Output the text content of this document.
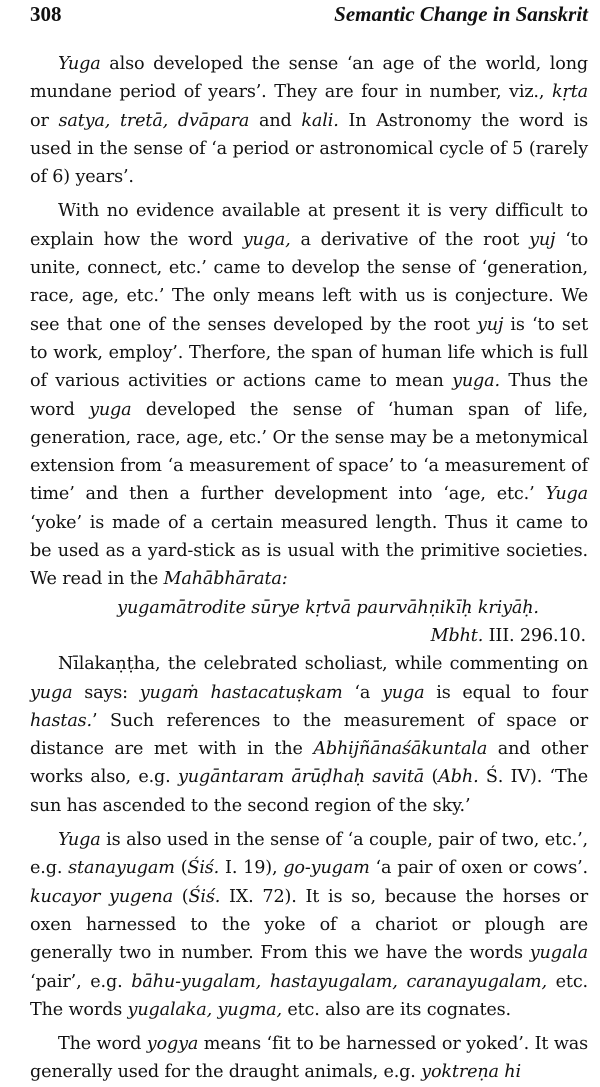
308	Semantic Change in Sanskrit

Yuga also developed the sense ‘an age of the world, long mundane period of years’. They are four in number, viz., kṛta or satya, tretā, dvāpara and kali. In Astronomy the word is used in the sense of ‘a period or astronomical cycle of 5 (rarely of 6) years’.

With no evidence available at present it is very difficult to explain how the word yuga, a derivative of the root yuj ‘to unite, connect, etc.’ came to develop the sense of ‘generation, race, age, etc.’ The only means left with us is conjecture. We see that one of the senses developed by the root yuj is ‘to set to work, employ’. Therfore, the span of human life which is full of various activities or actions came to mean yuga. Thus the word yuga developed the sense of ‘human span of life, generation, race, age, etc.’ Or the sense may be a metonymical extension from ‘a measurement of space’ to ‘a measurement of time’ and then a further development into ‘age, etc.’ Yuga ‘yoke’ is made of a certain measured length. Thus it came to be used as a yard-stick as is usual with the primitive societies. We read in the Mahābhārata:

yugamātrodite sūrye kṛtvā paurvāhṇikīḥ kriyāḥ.

Mbht. III. 296.10.

Nīlakaṇṭha, the celebrated scholiast, while commenting on yuga says: yugaṁ hastacatuṣkam ‘a yuga is equal to four hastas.’ Such references to the measurement of space or distance are met with in the Abhijñānaśākuntala and other works also, e.g. yugāntaram ārūḍhaḥ savitā (Abh. Ś. IV). ‘The sun has ascended to the second region of the sky.’

Yuga is also used in the sense of ‘a couple, pair of two, etc.’, e.g. stanayugam (Śiś. I. 19), go-yugam ‘a pair of oxen or cows’. kucayor yugena (Śiś. IX. 72). It is so, because the horses or oxen harnessed to the yoke of a chariot or plough are generally two in number. From this we have the words yugala ‘pair’, e.g. bāhu-yugalam, hastayugalam, caranayugalam, etc. The words yugalaka, yugma, etc. also are its cognates.

The word yogya means ‘fit to be harnessed or yoked’. It was generally used for the draught animals, e.g. yoktreṇa hi
